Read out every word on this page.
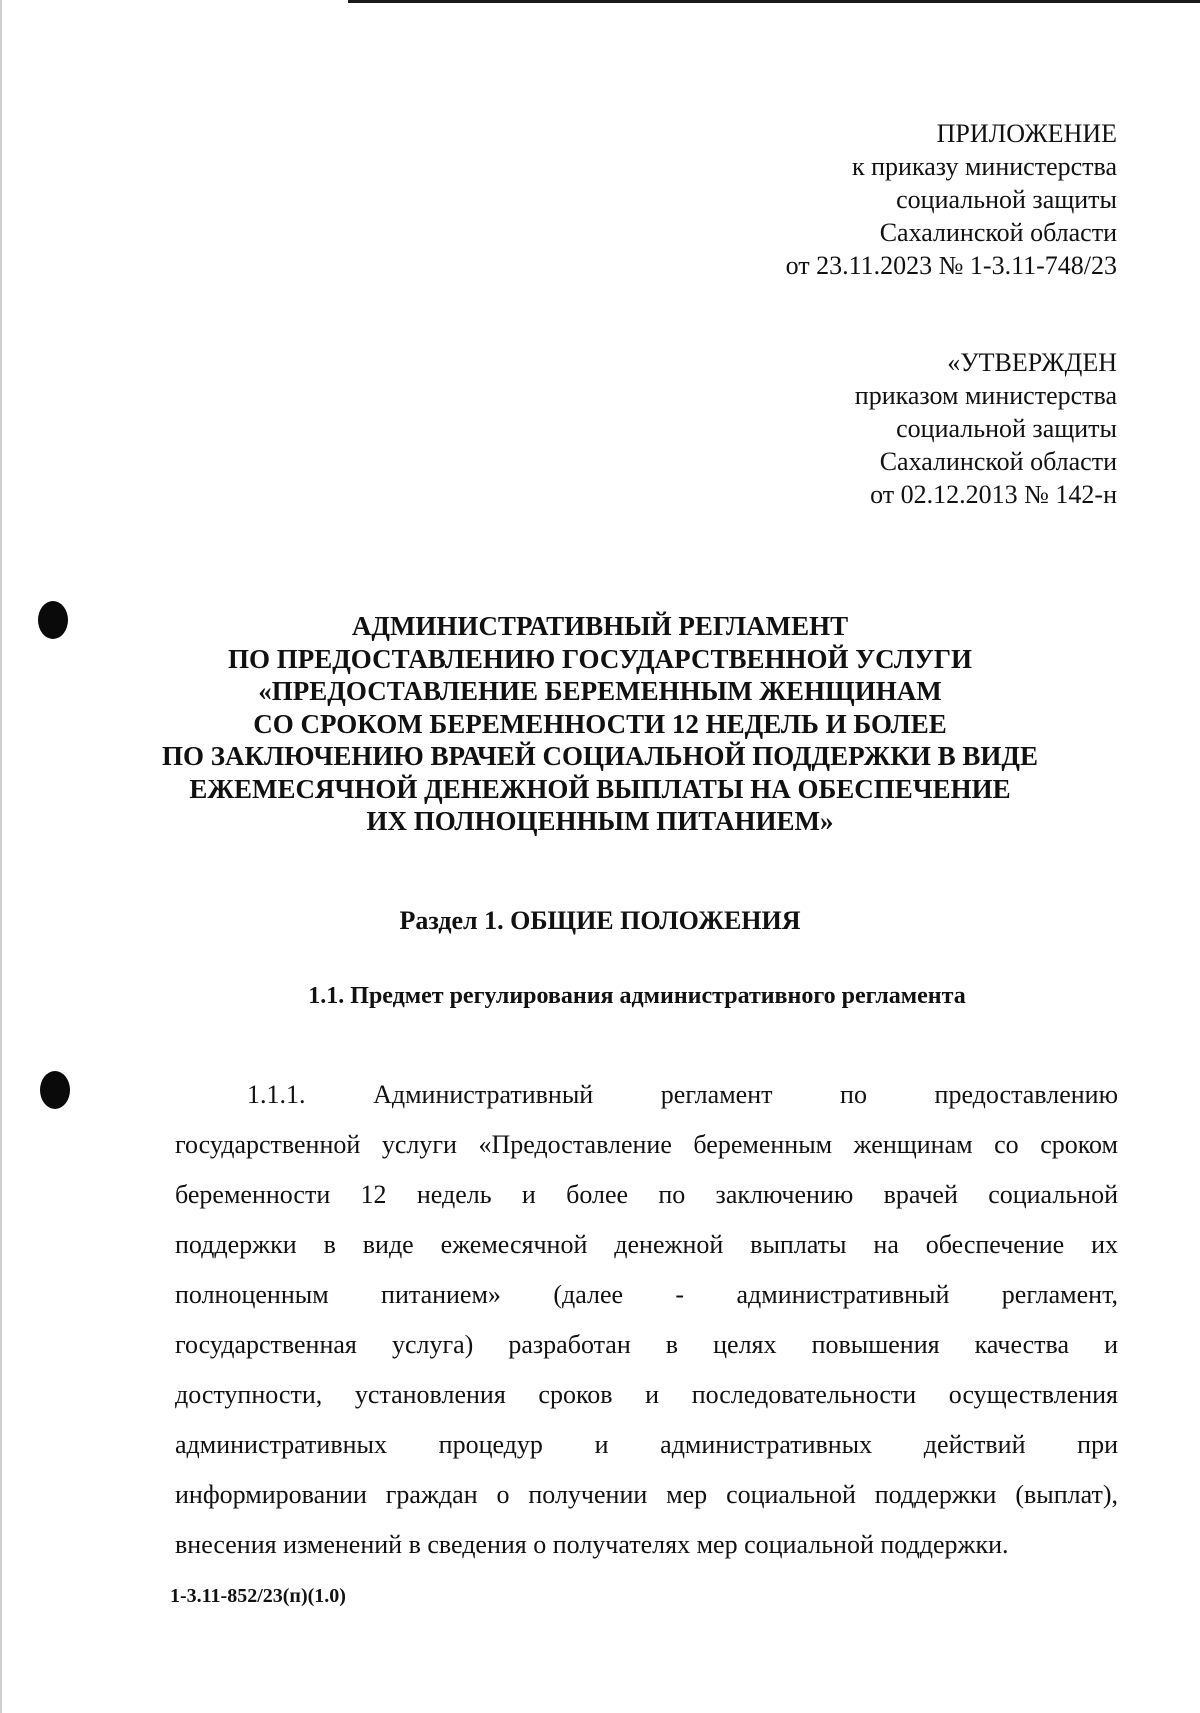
ПРИЛОЖЕНИЕ
к приказу министерства
социальной защиты
Сахалинской области
от 23.11.2023 № 1-3.11-748/23
«УТВЕРЖДЕН
приказом министерства
социальной защиты
Сахалинской области
от 02.12.2013 № 142-н
АДМИНИСТРАТИВНЫЙ РЕГЛАМЕНТ
ПО ПРЕДОСТАВЛЕНИЮ ГОСУДАРСТВЕННОЙ УСЛУГИ
«ПРЕДОСТАВЛЕНИЕ БЕРЕМЕННЫМ ЖЕНЩИНАМ
СО СРОКОМ БЕРЕМЕННОСТИ 12 НЕДЕЛЬ И БОЛЕЕ
ПО ЗАКЛЮЧЕНИЮ ВРАЧЕЙ СОЦИАЛЬНОЙ ПОДДЕРЖКИ В ВИДЕ
ЕЖЕМЕСЯЧНОЙ ДЕНЕЖНОЙ ВЫПЛАТЫ НА ОБЕСПЕЧЕНИЕ
ИХ ПОЛНОЦЕННЫМ ПИТАНИЕМ»
Раздел 1. ОБЩИЕ ПОЛОЖЕНИЯ
1.1. Предмет регулирования административного регламента
1.1.1. Административный регламент по предоставлению
государственной услуги «Предоставление беременным женщинам со сроком
беременности 12 недель и более по заключению врачей социальной
поддержки в виде ежемесячной денежной выплаты на обеспечение их
полноценным питанием» (далее - административный регламент,
государственная услуга) разработан в целях повышения качества и
доступности, установления сроков и последовательности осуществления
административных процедур и административных действий при
информировании граждан о получении мер социальной поддержки (выплат),
внесения изменений в сведения о получателях мер социальной поддержки.
1-3.11-852/23(п)(1.0)
